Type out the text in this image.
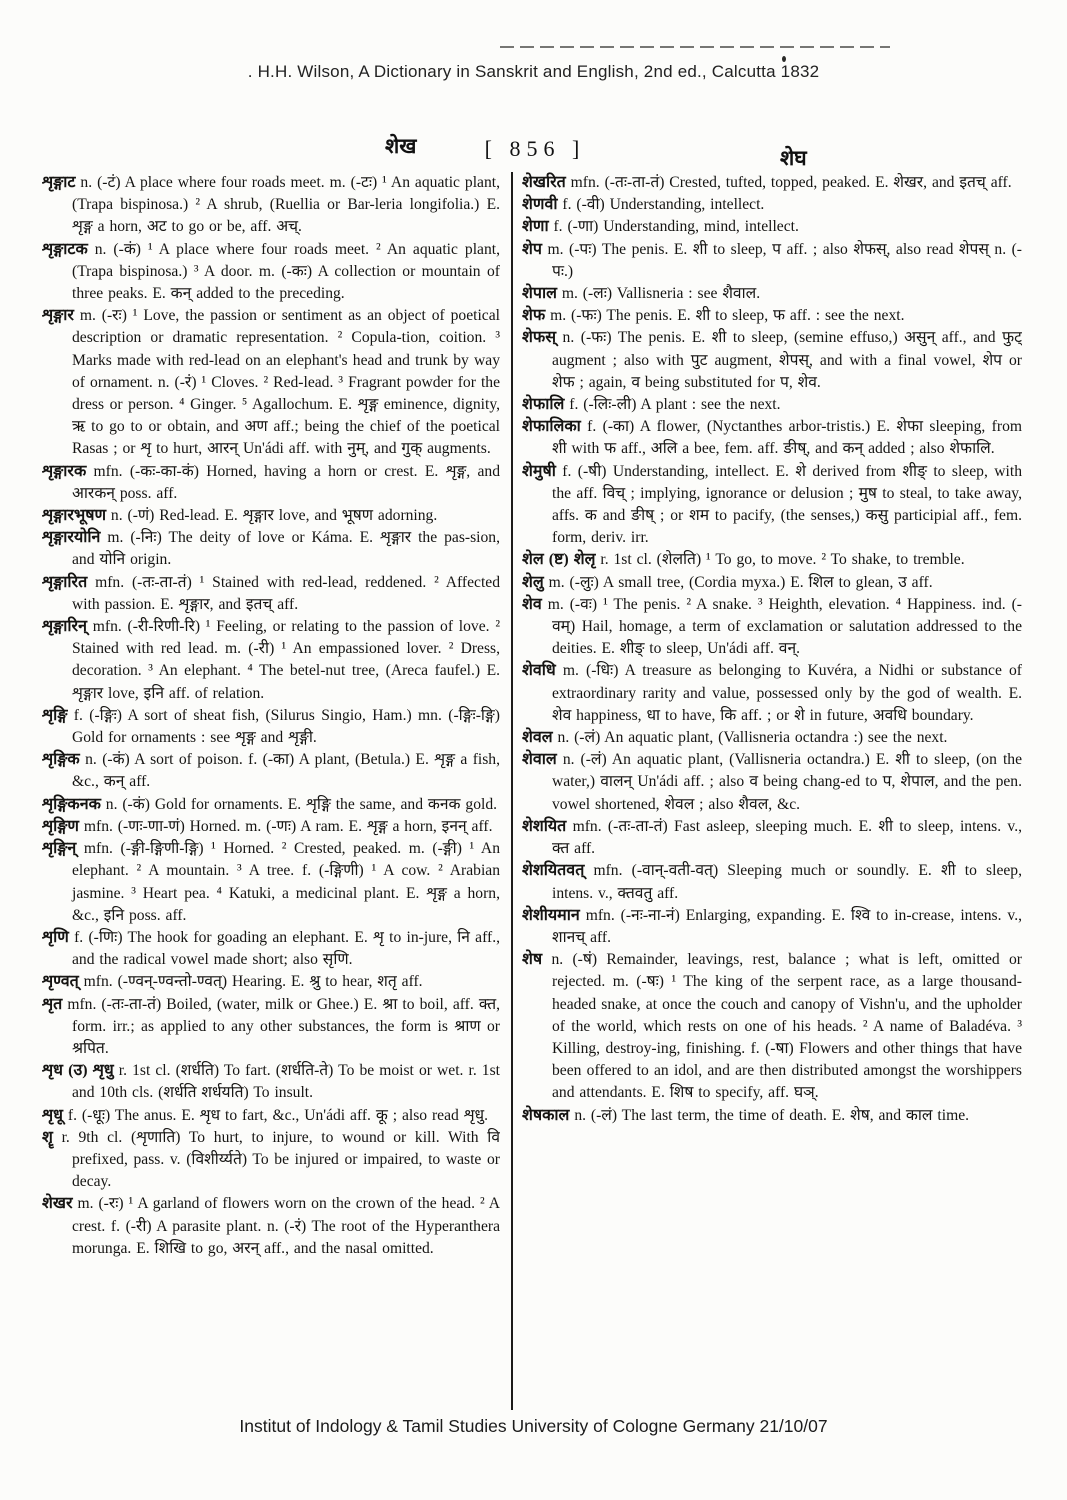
. H.H. Wilson, A Dictionary in Sanskrit and English, 2nd ed., Calcutta 1832
शेख	[ 856 ]	शेघ

शृङ्गाट n. (-टं) A place where four roads meet. m. (-टः) ¹ An aquatic plant, (Trapa bispinosa.) ² A shrub, (Ruellia or Bar-leria longifolia.) E. शृङ्ग a horn, अट to go or be, aff. अच्.

शृङ्गाटक n. (-कं) ¹ A place where four roads meet. ² An aquatic plant, (Trapa bispinosa.) ³ A door. m. (-कः) A collection or mountain of three peaks. E. कन् added to the preceding.

शृङ्गार m. (-रः) ¹ Love, the passion or sentiment as an object of poetical description or dramatic representation. ² Copula-tion, coition. ³ Marks made with red-lead on an elephant's head and trunk by way of ornament. n. (-रं) ¹ Cloves. ² Red-lead. ³ Fragrant powder for the dress or person. ⁴ Ginger. ⁵ Agallochum. E. शृङ्ग eminence, dignity, ऋ to go to or obtain, and अण aff.; being the chief of the poetical Rasas ; or शृ to hurt, आरन् Un'ádi aff. with नुम्, and गुक् augments.

शृङ्गारक mfn. (-कः-का-कं) Horned, having a horn or crest. E. शृङ्ग, and आरकन् poss. aff.

शृङ्गारभूषण n. (-णं) Red-lead. E. शृङ्गार love, and भूषण adorning.

शृङ्गारयोनि m. (-निः) The deity of love or Káma. E. शृङ्गार the pas-sion, and योनि origin.

शृङ्गारित mfn. (-तः-ता-तं) ¹ Stained with red-lead, reddened. ² Affected with passion. E. शृङ्गार, and इतच् aff.

शृङ्गारिन् mfn. (-री-रिणी-रि) ¹ Feeling, or relating to the passion of love. ² Stained with red lead. m. (-री) ¹ An empassioned lover. ² Dress, decoration. ³ An elephant. ⁴ The betel-nut tree, (Areca faufel.) E. शृङ्गार love, इनि aff. of relation.

शृङ्गि f. (-ङ्गिः) A sort of sheat fish, (Silurus Singio, Ham.) mn. (-ङ्गिः-ङ्गि) Gold for ornaments : see शृङ्ग and शृङ्गी.

शृङ्गिक n. (-कं) A sort of poison. f. (-का) A plant, (Betula.) E. शृङ्ग a fish, &c., कन् aff.

शृङ्गिकनक n. (-कं) Gold for ornaments. E. शृङ्गि the same, and कनक gold.

शृङ्गिण mfn. (-णः-णा-णं) Horned. m. (-णः) A ram. E. शृङ्ग a horn, इनन् aff.

शृङ्गिन् mfn. (-ङ्गी-ङ्गिणी-ङ्गि) ¹ Horned. ² Crested, peaked. m. (-ङ्गी) ¹ An elephant. ² A mountain. ³ A tree. f. (-ङ्गिणी) ¹ A cow. ² Arabian jasmine. ³ Heart pea. ⁴ Katuki, a medicinal plant. E. शृङ्ग a horn, &c., इनि poss. aff.

शृणि f. (-णिः) The hook for goading an elephant. E. शृ to in-jure, नि aff., and the radical vowel made short; also सृणि.

शृण्वत् mfn. (-ण्वन्-ण्वन्तो-ण्वत्) Hearing. E. श्रु to hear, शतृ aff.

शृत mfn. (-तः-ता-तं) Boiled, (water, milk or Ghee.) E. श्रा to boil, aff. क्त, form. irr.; as applied to any other substances, the form is श्राण or श्रपित.

शृध (उ) शृधु r. 1st cl. (शर्धति) To fart. (शर्धति-ते) To be moist or wet. r. 1st and 10th cls. (शर्धति शर्धयति) To insult.

शृधू f. (-धूः) The anus. E. शृध to fart, &c., Un'ádi aff. कू ; also read शृधु.

शॄ r. 9th cl. (शृणाति) To hurt, to injure, to wound or kill. With वि prefixed, pass. v. (विशीर्य्यते) To be injured or impaired, to waste or decay.

शेखर m. (-रः) ¹ A garland of flowers worn on the crown of the head. ² A crest. f. (-री) A parasite plant. n. (-रं) The root of the Hyperanthera morunga. E. शिखि to go, अरन् aff., and the nasal omitted.

शेखरित mfn. (-तः-ता-तं) Crested, tufted, topped, peaked. E. शेखर, and इतच् aff.

शेणवी f. (-वी) Understanding, intellect.

शेणा f. (-णा) Understanding, mind, intellect.

शेप m. (-पः) The penis. E. शी to sleep, प aff. ; also शेफस्, also read शेपस् n. (-पः.)

शेपाल m. (-लः) Vallisneria : see शैवाल.

शेफ m. (-फः) The penis. E. शी to sleep, फ aff. : see the next.

शेफस् n. (-फः) The penis. E. शी to sleep, (semine effuso,) असुन् aff., and फुट् augment ; also with पुट augment, शेपस्, and with a final vowel, शेप or शेफ ; again, व being substituted for प, शेव.

शेफालि f. (-लिः-ली) A plant : see the next.

शेफालिका f. (-का) A flower, (Nyctanthes arbor-tristis.) E. शेफा sleeping, from शी with फ aff., अलि a bee, fem. aff. ङीष्, and कन् added ; also शेफालि.

शेमुषी f. (-षी) Understanding, intellect. E. शे derived from शीङ् to sleep, with the aff. विच् ; implying, ignorance or delusion ; मुष to steal, to take away, affs. क and ङीष् ; or शम to pacify, (the senses,) कसु participial aff., fem. form, deriv. irr.

शेल (ष्ट) शेलृ r. 1st cl. (शेलति) ¹ To go, to move. ² To shake, to tremble.

शेलु m. (-लुः) A small tree, (Cordia myxa.) E. शिल to glean, उ aff.

शेव m. (-वः) ¹ The penis. ² A snake. ³ Heighth, elevation. ⁴ Happiness. ind. (-वम्) Hail, homage, a term of exclamation or salutation addressed to the deities. E. शीङ् to sleep, Un'ádi aff. वन्.

शेवधि m. (-धिः) A treasure as belonging to Kuvéra, a Nidhi or substance of extraordinary rarity and value, possessed only by the god of wealth. E. शेव happiness, धा to have, कि aff. ; or शे in future, अवधि boundary.

शेवल n. (-लं) An aquatic plant, (Vallisneria octandra :) see the next.

शेवाल n. (-लं) An aquatic plant, (Vallisneria octandra.) E. शी to sleep, (on the water,) वालन् Un'ádi aff. ; also व being chang-ed to प, शेपाल, and the pen. vowel shortened, शेवल ; also शैवल, &c.

शेशयित mfn. (-तः-ता-तं) Fast asleep, sleeping much. E. शी to sleep, intens. v., क्त aff.

शेशयितवत् mfn. (-वान्-वती-वत्) Sleeping much or soundly. E. शी to sleep, intens. v., क्तवतु aff.

शेशीयमान mfn. (-नः-ना-नं) Enlarging, expanding. E. श्वि to in-crease, intens. v., शानच् aff.

शेष n. (-षं) Remainder, leavings, rest, balance ; what is left, omitted or rejected. m. (-षः) ¹ The king of the serpent race, as a large thousand-headed snake, at once the couch and canopy of Vishn'u, and the upholder of the world, which rests on one of his heads. ² A name of Baladéva. ³ Killing, destroy-ing, finishing. f. (-षा) Flowers and other things that have been offered to an idol, and are then distributed amongst the worshippers and attendants. E. शिष to specify, aff. घञ्.

शेषकाल n. (-लं) The last term, the time of death. E. शेष, and काल time.

Institut of Indology & Tamil Studies University of Cologne Germany 21/10/07
